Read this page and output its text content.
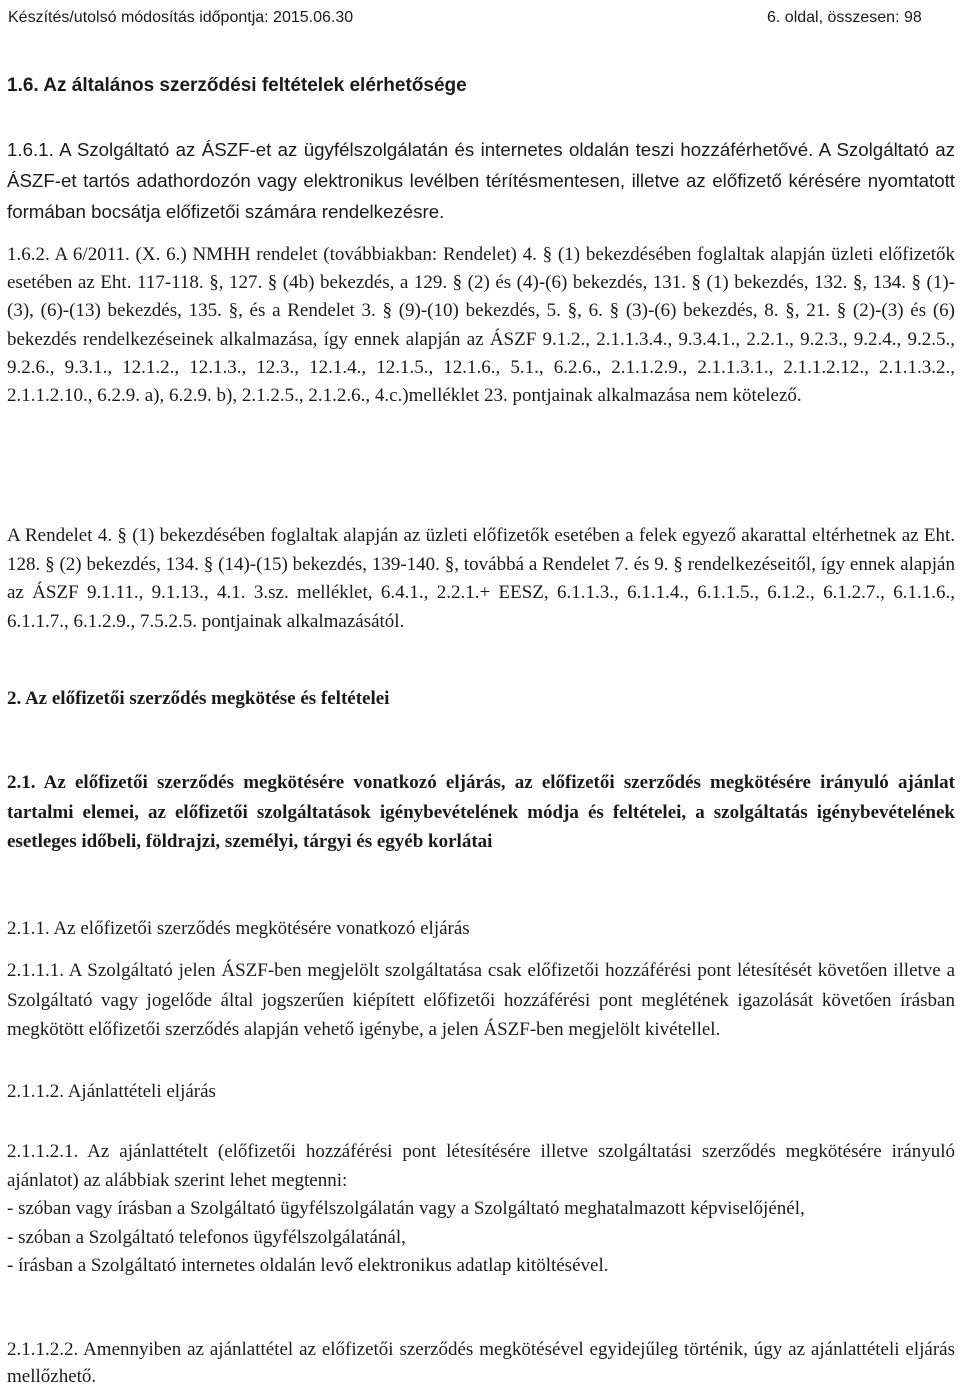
Készítés/utolsó módosítás időpontja: 2015.06.30	6. oldal, összesen: 98

1.6. Az általános szerződési feltételek elérhetősége

1.6.1. A Szolgáltató az ÁSZF-et az ügyfélszolgálatán és internetes oldalán teszi hozzáférhetővé. A Szolgáltató az ÁSZF-et tartós adathordozón vagy elektronikus levélben térítésmentesen, illetve az előfizető kérésére nyomtatott formában bocsátja előfizetői számára rendelkezésre.

1.6.2. A 6/2011. (X. 6.) NMHH rendelet (továbbiakban: Rendelet) 4. § (1) bekezdésében foglaltak alapján üzleti előfizetők esetében az Eht. 117-118. §, 127. § (4b) bekezdés, a 129. § (2) és (4)-(6) bekezdés, 131. § (1) bekezdés, 132. §, 134. § (1)-(3), (6)-(13) bekezdés, 135. §, és a Rendelet 3. § (9)-(10) bekezdés, 5. §, 6. § (3)-(6) bekezdés, 8. §, 21. § (2)-(3) és (6) bekezdés rendelkezéseinek alkalmazása, így ennek alapján az ÁSZF 9.1.2., 2.1.1.3.4., 9.3.4.1., 2.2.1., 9.2.3., 9.2.4., 9.2.5., 9.2.6., 9.3.1., 12.1.2., 12.1.3., 12.3., 12.1.4., 12.1.5., 12.1.6., 5.1., 6.2.6., 2.1.1.2.9., 2.1.1.3.1., 2.1.1.2.12., 2.1.1.3.2., 2.1.1.2.10., 6.2.9. a), 6.2.9. b), 2.1.2.5., 2.1.2.6., 4.c.)melléklet 23. pontjainak alkalmazása nem kötelező.

A Rendelet 4. § (1) bekezdésében foglaltak alapján az üzleti előfizetők esetében a felek egyező akarattal eltérhetnek az Eht. 128. § (2) bekezdés, 134. § (14)-(15) bekezdés, 139-140. §, továbbá a Rendelet 7. és 9. § rendelkezéseitől, így ennek alapján az ÁSZF 9.1.11., 9.1.13., 4.1. 3.sz. melléklet, 6.4.1., 2.2.1.+ EESZ, 6.1.1.3., 6.1.1.4., 6.1.1.5., 6.1.2., 6.1.2.7., 6.1.1.6., 6.1.1.7., 6.1.2.9., 7.5.2.5. pontjainak alkalmazásától.

2. Az előfizetői szerződés megkötése és feltételei

2.1. Az előfizetői szerződés megkötésére vonatkozó eljárás, az előfizetői szerződés megkötésére irányuló ajánlat tartalmi elemei, az előfizetői szolgáltatások igénybevételének módja és feltételei, a szolgáltatás igénybevételének esetleges időbeli, földrajzi, személyi, tárgyi és egyéb korlátai

2.1.1. Az előfizetői szerződés megkötésére vonatkozó eljárás

2.1.1.1. A Szolgáltató jelen ÁSZF-ben megjelölt szolgáltatása csak előfizetői hozzáférési pont létesítését követően illetve a Szolgáltató vagy jogelőde által jogszerűen kiépített előfizetői hozzáférési pont meglétének igazolását követően írásban megkötött előfizetői szerződés alapján vehető igénybe, a jelen ÁSZF-ben megjelölt kivétellel.

2.1.1.2. Ajánlattételi eljárás

2.1.1.2.1. Az ajánlattételt (előfizetői hozzáférési pont létesítésére illetve szolgáltatási szerződés megkötésére irányuló ajánlatot) az alábbiak szerint lehet megtenni:

- szóban vagy írásban a Szolgáltató ügyfélszolgálatán vagy a Szolgáltató meghatalmazott képviselőjénél,

- szóban a Szolgáltató telefonos ügyfélszolgálatánál,

- írásban a Szolgáltató internetes oldalán levő elektronikus adatlap kitöltésével.

2.1.1.2.2. Amennyiben az ajánlattétel az előfizetői szerződés megkötésével egyidejűleg történik, úgy az ajánlattételi eljárás mellőzhető.
